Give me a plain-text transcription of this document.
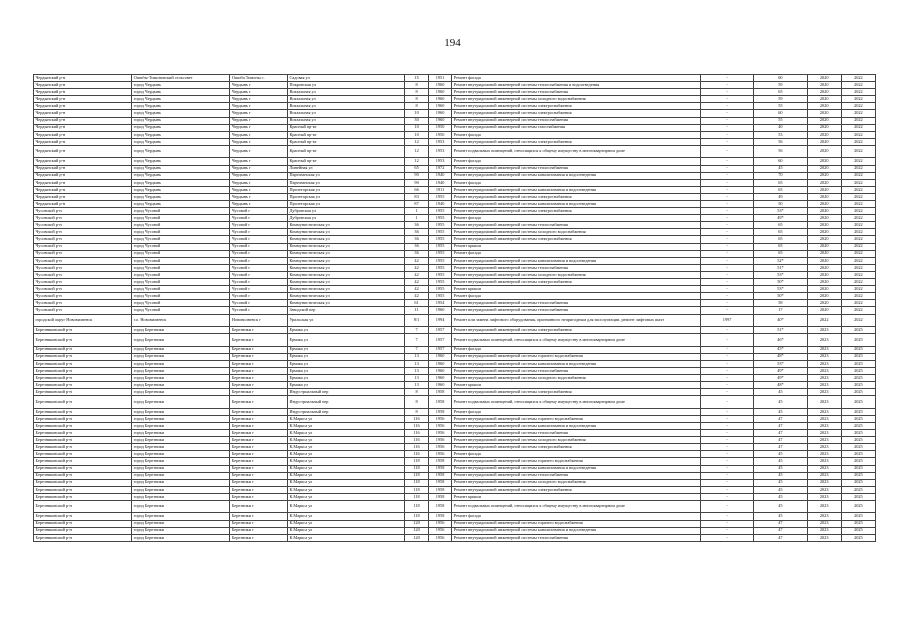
194
Чердынский р-н	Ошибы-Тимоновский сельсовет	Ошиба Тимоны с.	Садовая ул	15	1951	Ремонт фасада	-	60	2020	2022
Чердынский р-н	город Чердынь	Чердынь г	Покровская ул	8	1960	Ремонт внутридомовой инженерной системы теплоснабжения и водоотведения	-	59	2020	2022
Чердынский р-н	город Чердынь	Чердынь г	Вокзальная ул	8	1960	Ремонт внутридомовой инженерной системы теплоснабжения	-	65	2020	2022
Чердынский р-н	город Чердынь	Чердынь г	Вокзальная ул	8	1960	Ремонт внутридомовой инженерной системы холодного водоснабжения	-	59	2020	2022
Чердынский р-н	город Чердынь	Чердынь г	Вокзальная ул	8	1960	Ремонт внутридомовой инженерной системы электроснабжения	-	55	2020	2022
Чердынский р-н	город Чердынь	Чердынь г	Вокзальная ул	10	1960	Ремонт внутридомовой инженерной системы электроснабжения	-	60	2020	2022
Чердынский р-н	город Чердынь	Чердынь г	Вокзальная ул	30	1960	Ремонт внутридомовой инженерной системы теплоснабжения	-	55	2020	2022
Чердынский р-н	город Чердынь	Чердынь г	Красный пр-кт	10	1950	Ремонт внутридомовой инженерной системы газоснабжения	-	40	2020	2022
Чердынский р-н	город Чердынь	Чердынь г	Красный пр-кт	10	1950	Ремонт фасада	-	53	2020	2022
Чердынский р-н	город Чердынь	Чердынь г	Красный пр-кт	12	1953	Ремонт внутридомовой инженерной системы электроснабжения	-	56	2020	2022
Чердынский р-н	город Чердынь	Чердынь г	Красный пр-кт	12	1953	Ремонт подвальных помещений, относящихся к общему имуществу в многоквартирном доме	-	56	2020	2022
Чердынский р-н	город Чердынь	Чердынь г	Красный пр-кт	12	1953	Ремонт фасада	-	60	2020	2022
Чердынский р-н	город Чердынь	Чердынь г	Линейная ул	65	1972	Ремонт внутридомовой инженерной системы теплоснабжения	-	45	2020	2022
Чердынский р-н	город Чердынь	Чердынь г	Партизанская ул	90	1940	Ремонт внутридомовой инженерной системы канализования и водоотведения	-	70	2020	2022
Чердынский р-н	город Чердынь	Чердынь г	Партизанская ул	90	1940	Ремонт фасада	-	65	2020	2022
Чердынский р-н	город Чердынь	Чердынь г	Пролетарская ул	66	1911	Ремонт внутридомовой инженерной системы канализования и водоотведения	-	65	2020	2022
Чердынский р-н	город Чердынь	Чердынь г	Пролетарская ул	83	1955	Ремонт внутридомовой инженерной системы электроснабжения	-	49	2020	2022
Чердынский р-н	город Чердынь	Чердынь г	Пролетарская ул	87	1940	Ремонт внутридомовой инженерной системы канализования и водоотведения	-	50	2020	2022
Чусовской р-н	город Чусовой	Чусовой г	Дубровская ул	1	1955	Ремонт внутридомовой инженерной системы электроснабжения	-	53*	2020	2022
Чусовской р-н	город Чусовой	Чусовой г	Дубровская ул	1	1955	Ремонт фасада	-	49*	2020	2022
Чусовской р-н	город Чусовой	Чусовой г	Коммунистическая ул	36	1955	Ремонт внутридомовой инженерной системы теплоснабжения	-	65	2020	2022
Чусовской р-н	город Чусовой	Чусовой г	Коммунистическая ул	36	1955	Ремонт внутридомовой инженерной системы холодного водоснабжения	-	65	2020	2022
Чусовской р-н	город Чусовой	Чусовой г	Коммунистическая ул	36	1955	Ремонт внутридомовой инженерной системы электроснабжения	-	65	2020	2022
Чусовской р-н	город Чусовой	Чусовой г	Коммунистическая ул	36	1955	Ремонт крыши	-	65	2020	2022
Чусовской р-н	город Чусовой	Чусовой г	Коммунистическая ул	36	1955	Ремонт фасада	-	65	2020	2022
Чусовской р-н	город Чусовой	Чусовой г	Коммунистическая ул	42	1955	Ремонт внутридомовой инженерной системы канализования и водоотведения	-	52*	2020	2022
Чусовской р-н	город Чусовой	Чусовой г	Коммунистическая ул	42	1955	Ремонт внутридомовой инженерной системы теплоснабжения	-	51*	2020	2022
Чусовской р-н	город Чусовой	Чусовой г	Коммунистическая ул	42	1955	Ремонт внутридомовой инженерной системы холодного водоснабжения	-	53*	2020	2022
Чусовской р-н	город Чусовой	Чусовой г	Коммунистическая ул	42	1955	Ремонт внутридомовой инженерной системы электроснабжения	-	50*	2020	2022
Чусовской р-н	город Чусовой	Чусовой г	Коммунистическая ул	42	1955	Ремонт крыши	-	53*	2020	2022
Чусовской р-н	город Чусовой	Чусовой г	Коммунистическая ул	42	1955	Ремонт фасада	-	50*	2020	2022
Чусовской р-н	город Чусовой	Чусовой г	Коммунистическая ул	61	1954	Ремонт внутридомовой инженерной системы теплоснабжения	-	58	2020	2022
Чусовской р-н	город Чусовой	Чусовой г	Заводской пер	11	1960	Ремонт внутридомовой инженерной системы теплоснабжения	-	17	2020	2022
городской округ Нововилвенск	г.о. Нововилвенск	Нововилвенск г	Уральская ул	8/1	1994	Ремонт или замена лифтового оборудования, признанного непригодным для эксплуатации, ремонт лифтовых шахт	1997	40*	2022	2022
Березниковский р-н	город Березники	Березники г	Ермака ул	7	1957	Ремонт внутридомовой инженерной системы электроснабжения	-	51*	2023	2025
Березниковский р-н	город Березники	Березники г	Ермака ул	7	1957	Ремонт подвальных помещений, относящихся к общему имуществу в многоквартирном доме	-	46*	2023	2025
Березниковский р-н	город Березники	Березники г	Ермака ул	7	1957	Ремонт фасада	-	45*	2023	2025
Березниковский р-н	город Березники	Березники г	Ермака ул	13	1960	Ремонт внутридомовой инженерной системы горячего водоснабжения	-	48*	2023	2025
Березниковский р-н	город Березники	Березники г	Ермака ул	13	1960	Ремонт внутридомовой инженерной системы канализования и водоотведения	-	53*	2023	2025
Березниковский р-н	город Березники	Березники г	Ермака ул	13	1960	Ремонт внутридомовой инженерной системы теплоснабжения	-	49*	2023	2025
Березниковский р-н	город Березники	Березники г	Ермака ул	13	1960	Ремонт внутридомовой инженерной системы холодного водоснабжения	-	49*	2023	2025
Березниковский р-н	город Березники	Березники г	Ермака ул	13	1960	Ремонт крыши	-	48*	2023	2025
Березниковский р-н	город Березники	Березники г	Индустриальный пер	8	1958	Ремонт внутридомовой инженерной системы электроснабжения	-	45	2023	2025
Березниковский р-н	город Березники	Березники г	Индустриальный пер	8	1958	Ремонт подвальных помещений, относящихся к общему имуществу в многоквартирном доме	-	45	2023	2025
Березниковский р-н	город Березники	Березники г	Индустриальный пер	8	1958	Ремонт фасада	-	45	2023	2025
Березниковский р-н	город Березники	Березники г	К.Маркса ул	116	1956	Ремонт внутридомовой инженерной системы горячего водоснабжения	-	47	2023	2025
Березниковский р-н	город Березники	Березники г	К.Маркса ул	116	1956	Ремонт внутридомовой инженерной системы канализования и водоотведения	-	47	2023	2025
Березниковский р-н	город Березники	Березники г	К.Маркса ул	116	1956	Ремонт внутридомовой инженерной системы теплоснабжения	-	47	2023	2025
Березниковский р-н	город Березники	Березники г	К.Маркса ул	116	1956	Ремонт внутридомовой инженерной системы холодного водоснабжения	-	47	2023	2025
Березниковский р-н	город Березники	Березники г	К.Маркса ул	116	1956	Ремонт внутридомовой инженерной системы электроснабжения	-	47	2023	2025
Березниковский р-н	город Березники	Березники г	К.Маркса ул	116	1956	Ремонт фасада	-	45	2023	2025
Березниковский р-н	город Березники	Березники г	К.Маркса ул	118	1958	Ремонт внутридомовой инженерной системы горячего водоснабжения	-	45	2023	2025
Березниковский р-н	город Березники	Березники г	К.Маркса ул	118	1958	Ремонт внутридомовой инженерной системы канализования и водоотведения	-	45	2023	2025
Березниковский р-н	город Березники	Березники г	К.Маркса ул	118	1958	Ремонт внутридомовой инженерной системы теплоснабжения	-	45	2023	2025
Березниковский р-н	город Березники	Березники г	К.Маркса ул	118	1958	Ремонт внутридомовой инженерной системы холодного водоснабжения	-	45	2023	2025
Березниковский р-н	город Березники	Березники г	К.Маркса ул	118	1958	Ремонт внутридомовой инженерной системы электроснабжения	-	45	2023	2025
Березниковский р-н	город Березники	Березники г	К.Маркса ул	118	1958	Ремонт крыши	-	45	2023	2025
Березниковский р-н	город Березники	Березники г	К.Маркса ул	118	1958	Ремонт подвальных помещений, относящихся к общему имуществу в многоквартирном доме	-	45	2023	2025
Березниковский р-н	город Березники	Березники г	К.Маркса ул	118	1958	Ремонт фасада	-	45	2023	2025
Березниковский р-н	город Березники	Березники г	К.Маркса ул	120	1956	Ремонт внутридомовой инженерной системы горячего водоснабжения	-	47	2023	2025
Березниковский р-н	город Березники	Березники г	К.Маркса ул	120	1956	Ремонт внутридомовой инженерной системы канализования и водоотведения	-	47	2023	2025
Березниковский р-н	город Березники	Березники г	К.Маркса ул	120	1956	Ремонт внутридомовой инженерной системы теплоснабжения	-	47	2023	2025
